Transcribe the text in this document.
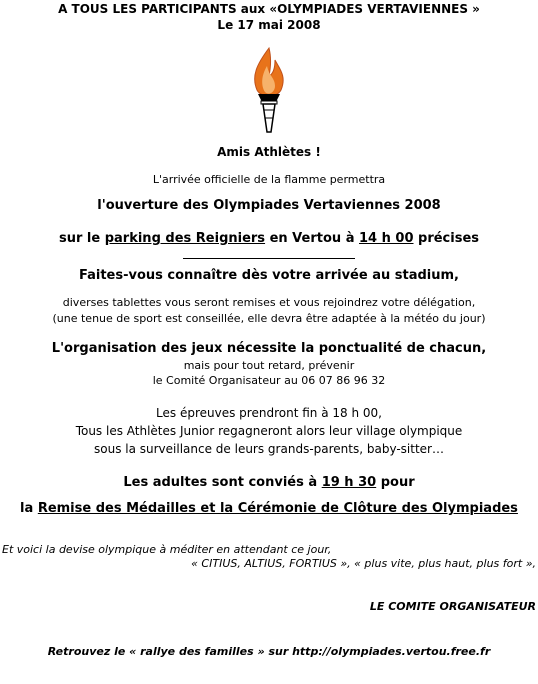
A TOUS LES PARTICIPANTS aux «OLYMPIADES VERTAVIENNES »
Le 17 mai 2008
Amis Athlètes !
L'arrivée officielle de la flamme permettra
l'ouverture des Olympiades Vertaviennes 2008
sur le parking des Reigniers en Vertou à 14 h 00 précises
Faites-vous connaître dès votre arrivée au stadium,
diverses tablettes vous seront remises et vous rejoindrez votre délégation,
(une tenue de sport est conseillée, elle devra être adaptée à la météo du jour)
L'organisation des jeux nécessite la ponctualité de chacun,
mais pour tout retard, prévenir
le Comité Organisateur au 06 07 86 96 32
Les épreuves prendront fin à 18 h 00,
Tous les Athlètes Junior regagneront alors leur village olympique
sous la surveillance de leurs grands-parents, baby-sitter…
Les adultes sont conviés à 19 h 30 pour
la Remise des Médailles et la Cérémonie de Clôture des Olympiades
Et voici la devise olympique à méditer en attendant ce jour,
« CITIUS, ALTIUS, FORTIUS », « plus vite, plus haut, plus fort »,
LE COMITE ORGANISATEUR
Retrouvez le « rallye des familles » sur http://olympiades.vertou.free.fr
